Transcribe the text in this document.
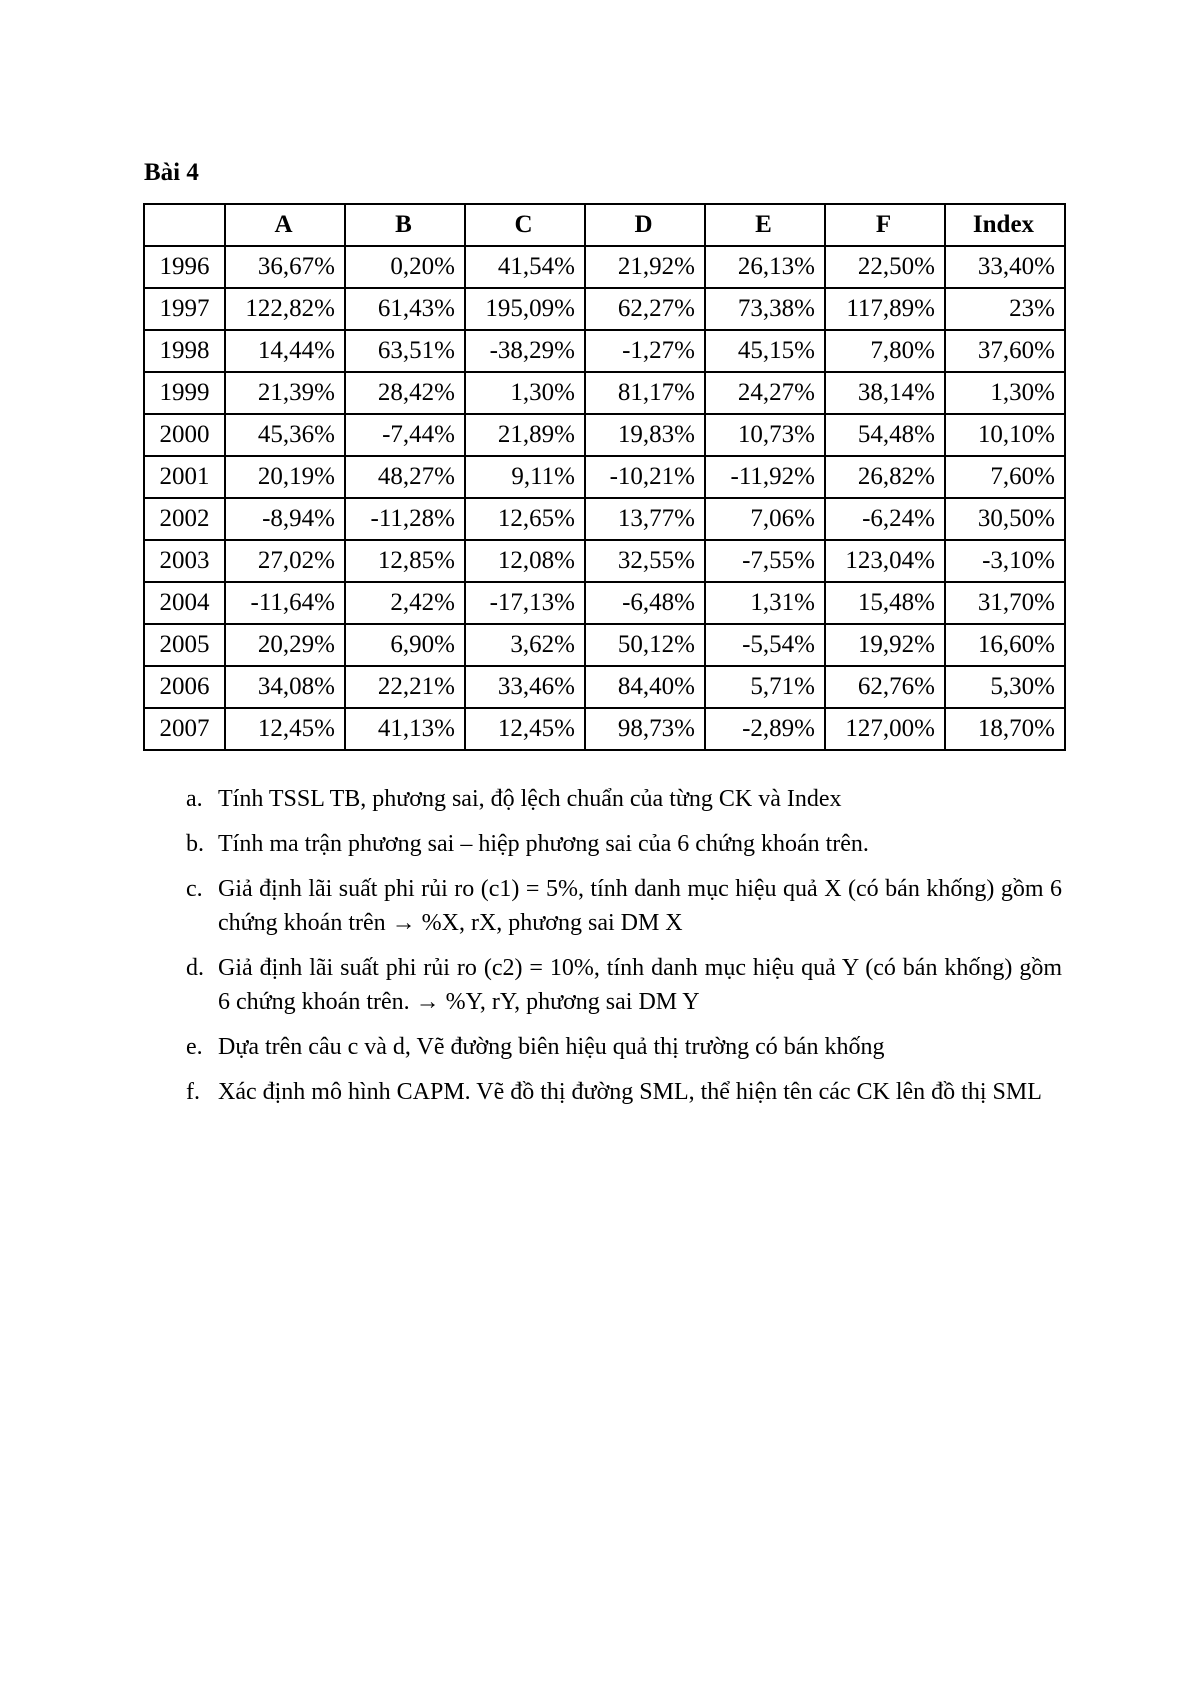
Bài 4
	A	B	C	D	E	F	Index
1996	36,67%	0,20%	41,54%	21,92%	26,13%	22,50%	33,40%
1997	122,82%	61,43%	195,09%	62,27%	73,38%	117,89%	23%
1998	14,44%	63,51%	-38,29%	-1,27%	45,15%	7,80%	37,60%
1999	21,39%	28,42%	1,30%	81,17%	24,27%	38,14%	1,30%
2000	45,36%	-7,44%	21,89%	19,83%	10,73%	54,48%	10,10%
2001	20,19%	48,27%	9,11%	-10,21%	-11,92%	26,82%	7,60%
2002	-8,94%	-11,28%	12,65%	13,77%	7,06%	-6,24%	30,50%
2003	27,02%	12,85%	12,08%	32,55%	-7,55%	123,04%	-3,10%
2004	-11,64%	2,42%	-17,13%	-6,48%	1,31%	15,48%	31,70%
2005	20,29%	6,90%	3,62%	50,12%	-5,54%	19,92%	16,60%
2006	34,08%	22,21%	33,46%	84,40%	5,71%	62,76%	5,30%
2007	12,45%	41,13%	12,45%	98,73%	-2,89%	127,00%	18,70%
a. Tính TSSL TB, phương sai, độ lệch chuẩn của từng CK và Index
b. Tính ma trận phương sai – hiệp phương sai của 6 chứng khoán trên.
c. Giả định lãi suất phi rủi ro (c1) = 5%, tính danh mục hiệu quả X (có bán khống) gồm 6 chứng khoán trên → %X, rX, phương sai DM X
d. Giả định lãi suất phi rủi ro (c2) = 10%, tính danh mục hiệu quả Y (có bán khống) gồm 6 chứng khoán trên. → %Y, rY, phương sai DM Y
e. Dựa trên câu c và d, Vẽ đường biên hiệu quả thị trường có bán khống
f. Xác định mô hình CAPM. Vẽ đồ thị đường SML, thể hiện tên các CK lên đồ thị SML
